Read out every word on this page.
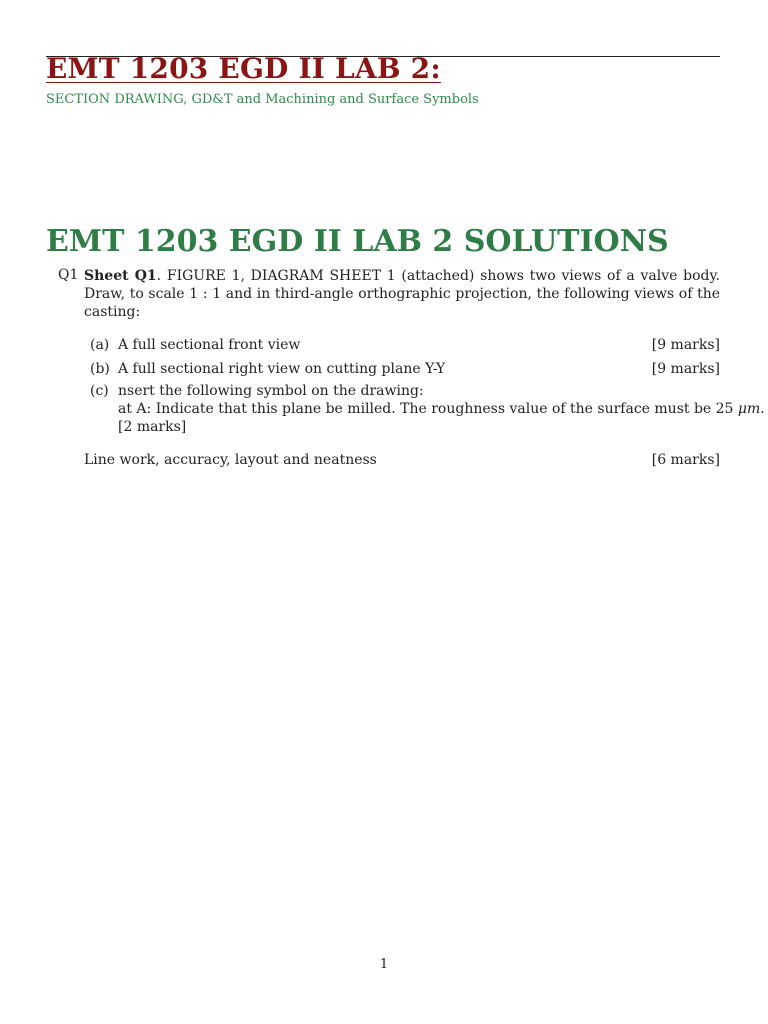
EMT 1203 EGD II LAB 2:
SECTION DRAWING, GD&T and Machining and Surface Symbols
EMT 1203 EGD II LAB 2 SOLUTIONS
Q1 Sheet Q1. FIGURE 1, DIAGRAM SHEET 1 (attached) shows two views of a valve body. Draw, to scale 1 : 1 and in third-angle orthographic projection, the following views of the casting:
(a) A full sectional front view	[9 marks]
(b) A full sectional right view on cutting plane Y-Y	[9 marks]
(c) nsert the following symbol on the drawing:
at A: Indicate that this plane be milled. The roughness value of the surface must be 25 μm.
[2 marks]
Line work, accuracy, layout and neatness	[6 marks]
1
